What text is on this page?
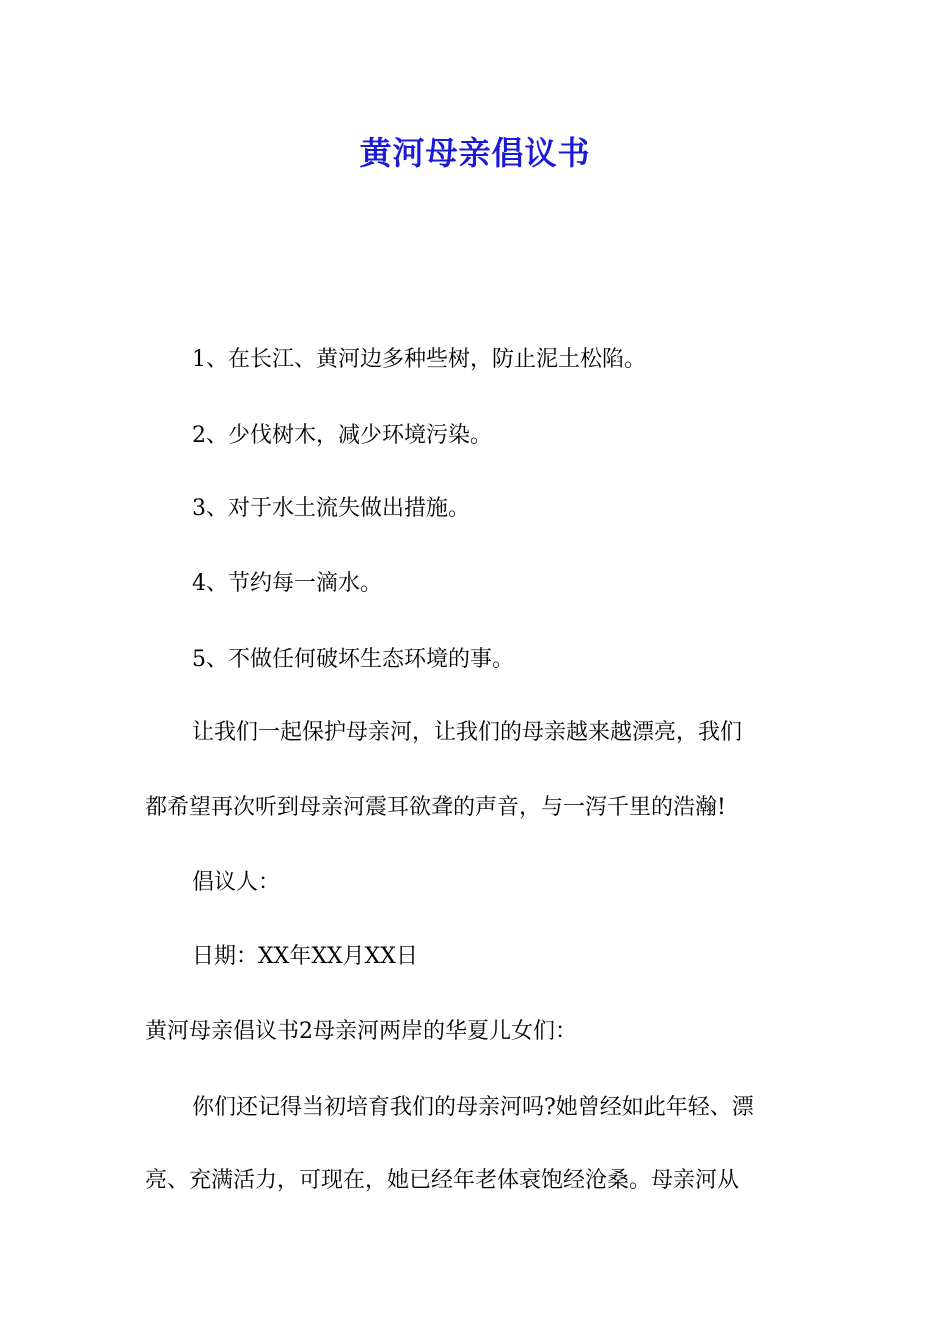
黄河母亲倡议书
1、在长江、黄河边多种些树，防止泥土松陷。
2、少伐树木，减少环境污染。
3、对于水土流失做出措施。
4、节约每一滴水。
5、不做任何破坏生态环境的事。
让我们一起保护母亲河，让我们的母亲越来越漂亮，我们
都希望再次听到母亲河震耳欲聋的声音，与一泻千里的浩瀚!
倡议人：
日期：XX年XX月XX日
黄河母亲倡议书2母亲河两岸的华夏儿女们：
你们还记得当初培育我们的母亲河吗?她曾经如此年轻、漂
亮、充满活力，可现在，她已经年老体衰饱经沧桑。母亲河从
